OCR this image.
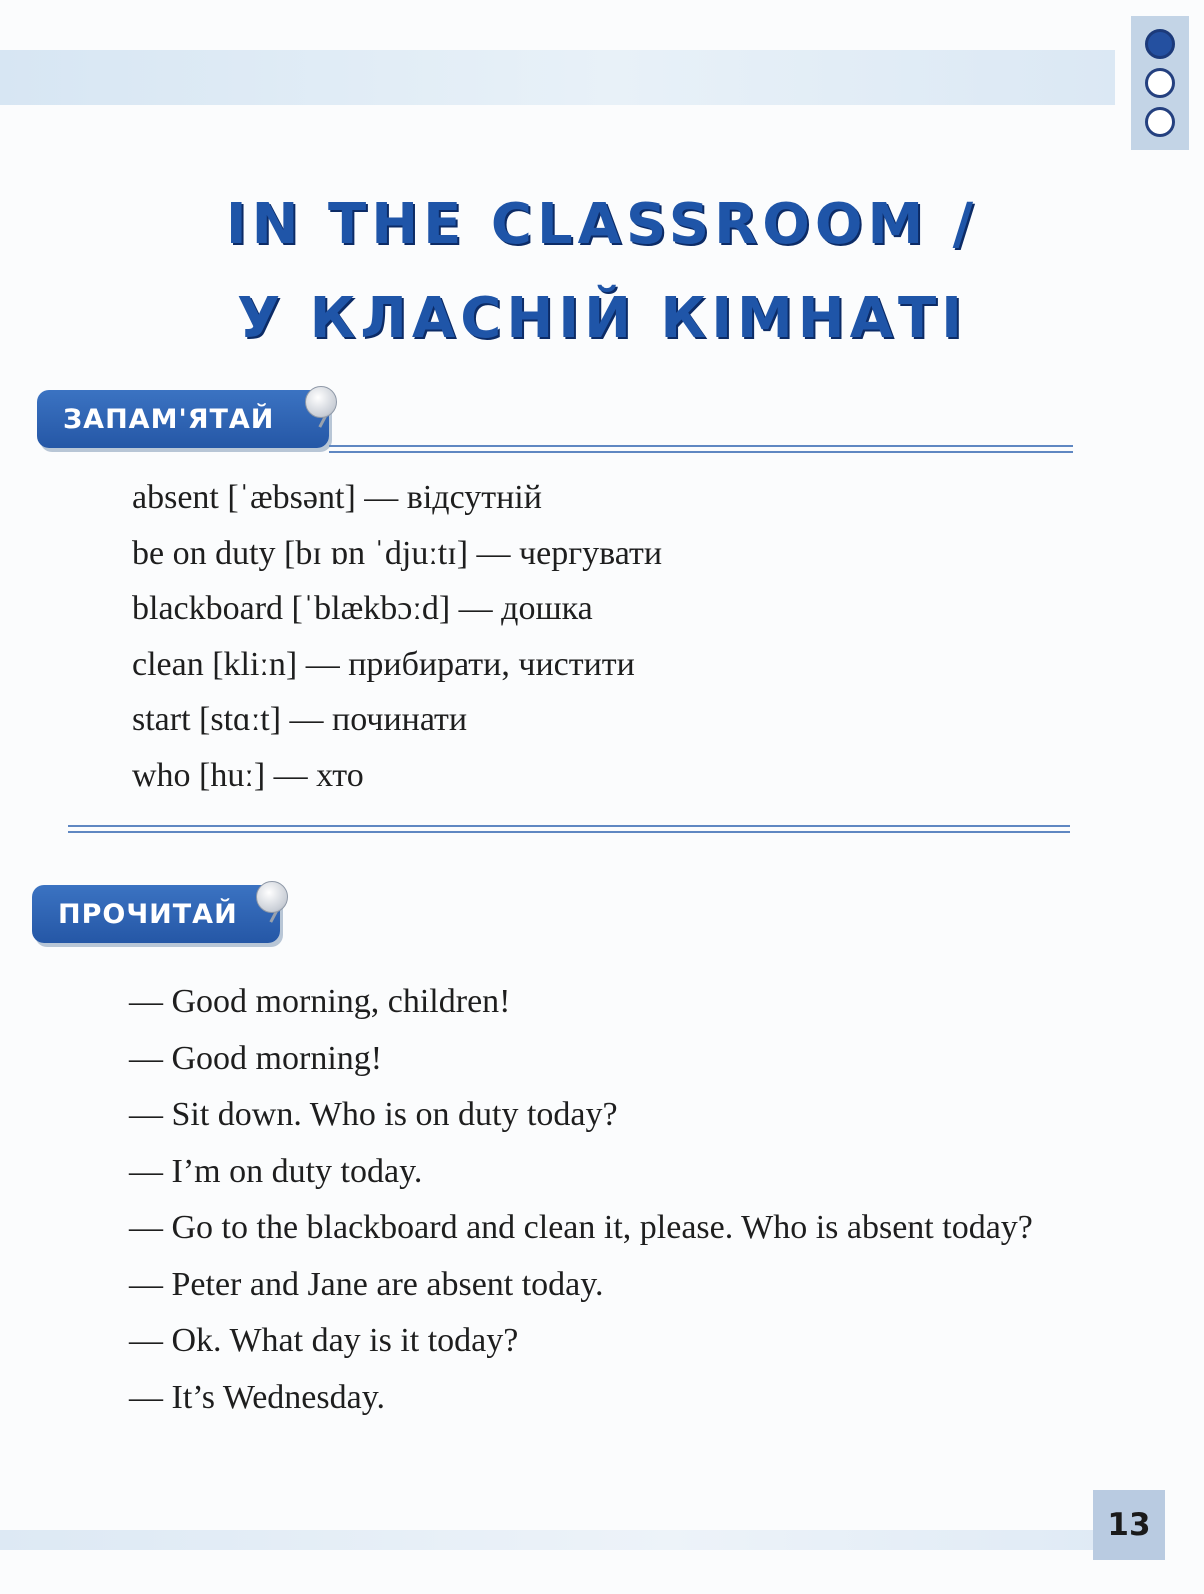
IN THE CLASSROOM /
У КЛАСНІЙ КІМНАТІ
ЗАПАМ'ЯТАЙ
absent [ˈæbsənt] — відсутній
be on duty [bɪ ɒn ˈdjuːtɪ] — чергувати
blackboard [ˈblækbɔːd] — дошка
clean [kliːn] — прибирати, чистити
start [stɑːt] — починати
who [huː] — хто
ПРОЧИТАЙ

— Good morning, children!

— Good morning!

— Sit down. Who is on duty today?

— I’m on duty today.

— Go to the blackboard and clean it, please. Who is absent today?

— Peter and Jane are absent today.

— Ok. What day is it today?

— It’s Wednesday.

13
